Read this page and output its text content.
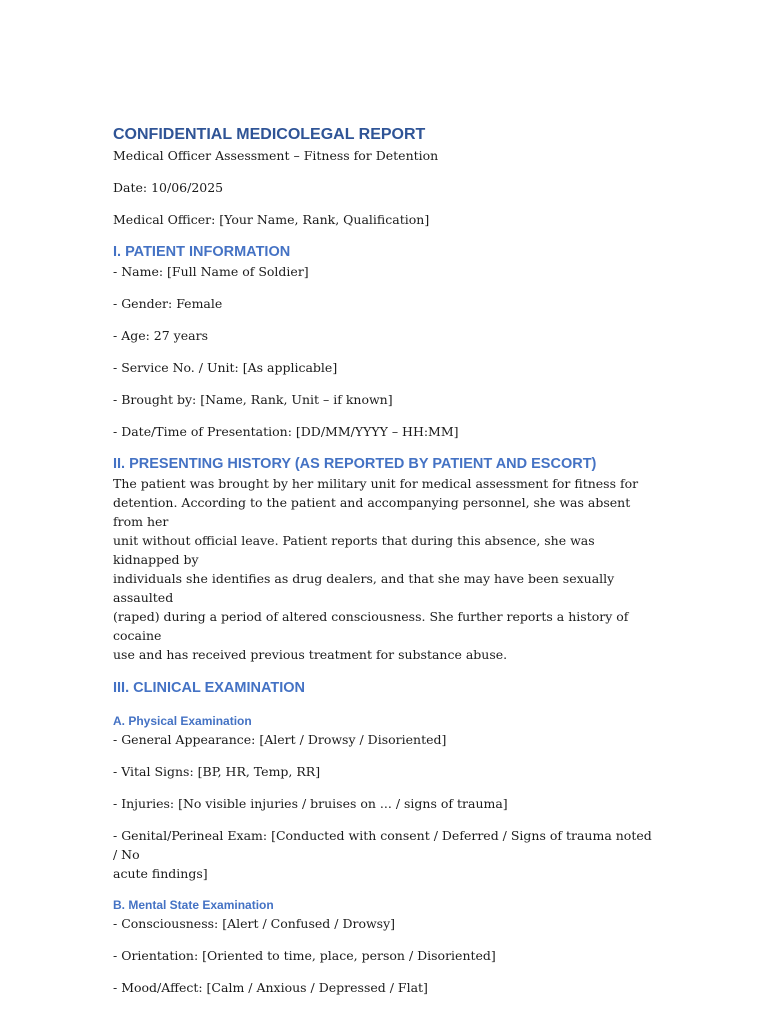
CONFIDENTIAL MEDICOLEGAL REPORT
Medical Officer Assessment – Fitness for Detention
Date: 10/06/2025
Medical Officer: [Your Name, Rank, Qualification]
I. PATIENT INFORMATION
- Name: [Full Name of Soldier]
- Gender: Female
- Age: 27 years
- Service No. / Unit: [As applicable]
- Brought by: [Name, Rank, Unit – if known]
- Date/Time of Presentation: [DD/MM/YYYY – HH:MM]
II. PRESENTING HISTORY (AS REPORTED BY PATIENT AND ESCORT)
The patient was brought by her military unit for medical assessment for fitness for
detention. According to the patient and accompanying personnel, she was absent from her
unit without official leave. Patient reports that during this absence, she was kidnapped by
individuals she identifies as drug dealers, and that she may have been sexually assaulted
(raped) during a period of altered consciousness. She further reports a history of cocaine
use and has received previous treatment for substance abuse.
III. CLINICAL EXAMINATION
A. Physical Examination
- General Appearance: [Alert / Drowsy / Disoriented]
- Vital Signs: [BP, HR, Temp, RR]
- Injuries: [No visible injuries / bruises on ... / signs of trauma]
- Genital/Perineal Exam: [Conducted with consent / Deferred / Signs of trauma noted / No
acute findings]
B. Mental State Examination
- Consciousness: [Alert / Confused / Drowsy]
- Orientation: [Oriented to time, place, person / Disoriented]
- Mood/Affect: [Calm / Anxious / Depressed / Flat]
